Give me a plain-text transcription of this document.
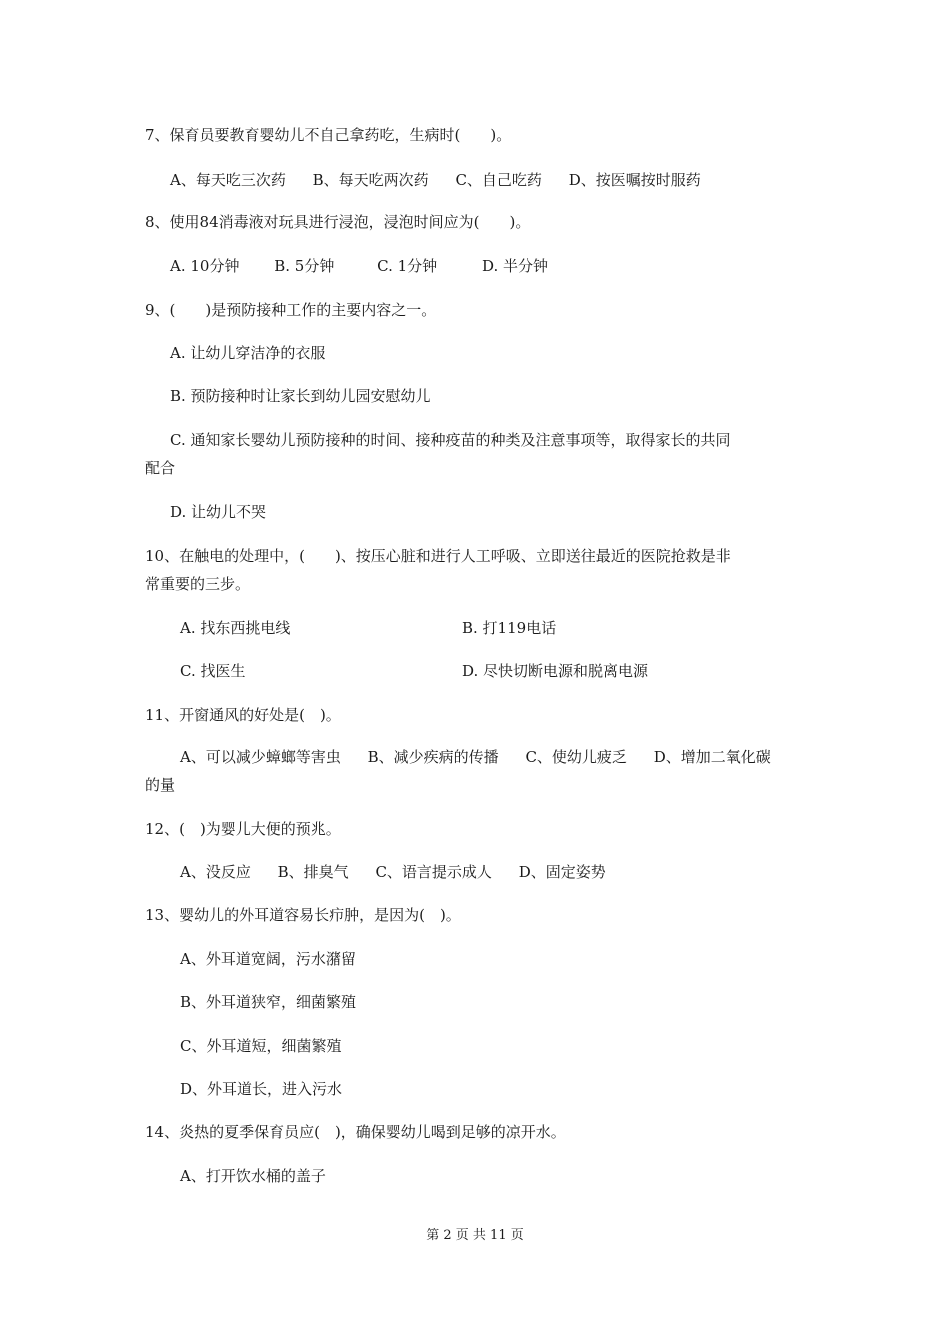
7、保育员要教育婴幼儿不自己拿药吃，生病时(　　)。
A、每天吃三次药 B、每天吃两次药 C、自己吃药 D、按医嘱按时服药
8、使用84消毒液对玩具进行浸泡，浸泡时间应为(　　)。
A. 10分钟 B. 5分钟	C. 1分钟	D. 半分钟
9、(　　)是预防接种工作的主要内容之一。
A. 让幼儿穿洁净的衣服
B. 预防接种时让家长到幼儿园安慰幼儿
C. 通知家长婴幼儿预防接种的时间、接种疫苗的种类及注意事项等，取得家长的共同
配合
D. 让幼儿不哭
10、在触电的处理中，(　　)、按压心脏和进行人工呼吸、立即送往最近的医院抢救是非
常重要的三步。
A. 找东西挑电线	B. 打119电话
C. 找医生	D. 尽快切断电源和脱离电源
11、开窗通风的好处是(　)。
A、可以减少蟑螂等害虫 B、减少疾病的传播 C、使幼儿疲乏 D、增加二氧化碳
的量
12、(　)为婴儿大便的预兆。
A、没反应 B、排臭气 C、语言提示成人 D、固定姿势
13、婴幼儿的外耳道容易长疖肿，是因为(　)。
A、外耳道宽阔，污水潴留
B、外耳道狭窄，细菌繁殖
C、外耳道短，细菌繁殖
D、外耳道长，进入污水
14、炎热的夏季保育员应(　)，确保婴幼儿喝到足够的凉开水。
A、打开饮水桶的盖子
第 2 页 共 11 页
